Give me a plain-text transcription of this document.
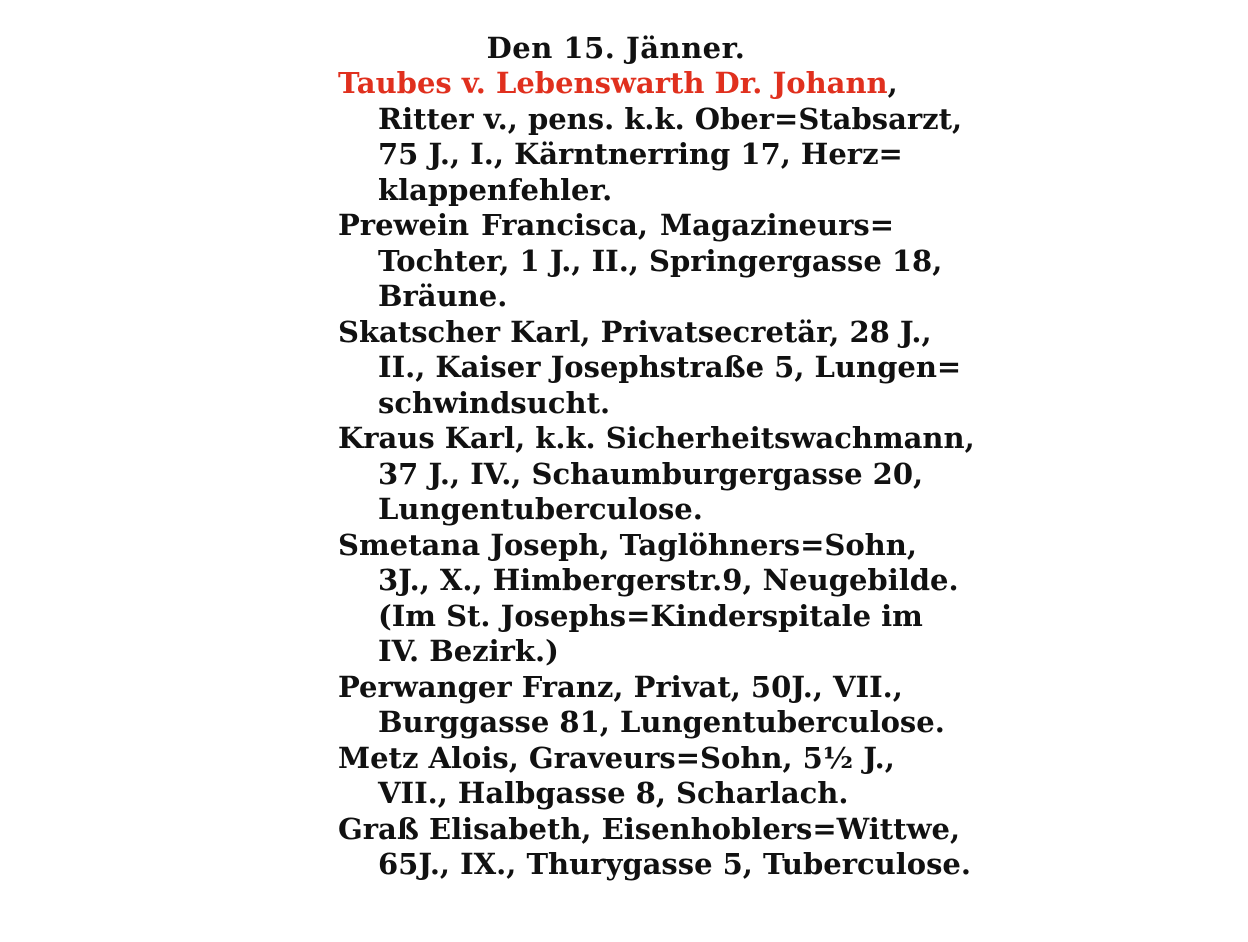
Den 15. Jänner.
Taubes v. Lebenswarth Dr. Johann,
Ritter v., pens. k.k. Ober=Stabsarzt,
75 J., I., Kärntnerring 17, Herz=
klappenfehler.
Prewein Francisca, Magazineurs=
Tochter, 1 J., II., Springergasse 18,
Bräune.
Skatscher Karl, Privatsecretär, 28 J.,
II., Kaiser Josephstraße 5, Lungen=
schwindsucht.
Kraus Karl, k.k. Sicherheitswachmann,
37 J., IV., Schaumburgergasse 20,
Lungentuberculose.
Smetana Joseph, Taglöhners=Sohn,
3J., X., Himbergerstr.9, Neugebilde.
(Im St. Josephs=Kinderspitale im
IV. Bezirk.)
Perwanger Franz, Privat, 50J., VII.,
Burggasse 81, Lungentuberculose.
Metz Alois, Graveurs=Sohn, 5½ J.,
VII., Halbgasse 8, Scharlach.
Graß Elisabeth, Eisenhoblers=Wittwe,
65J., IX., Thurygasse 5, Tuberculose.
